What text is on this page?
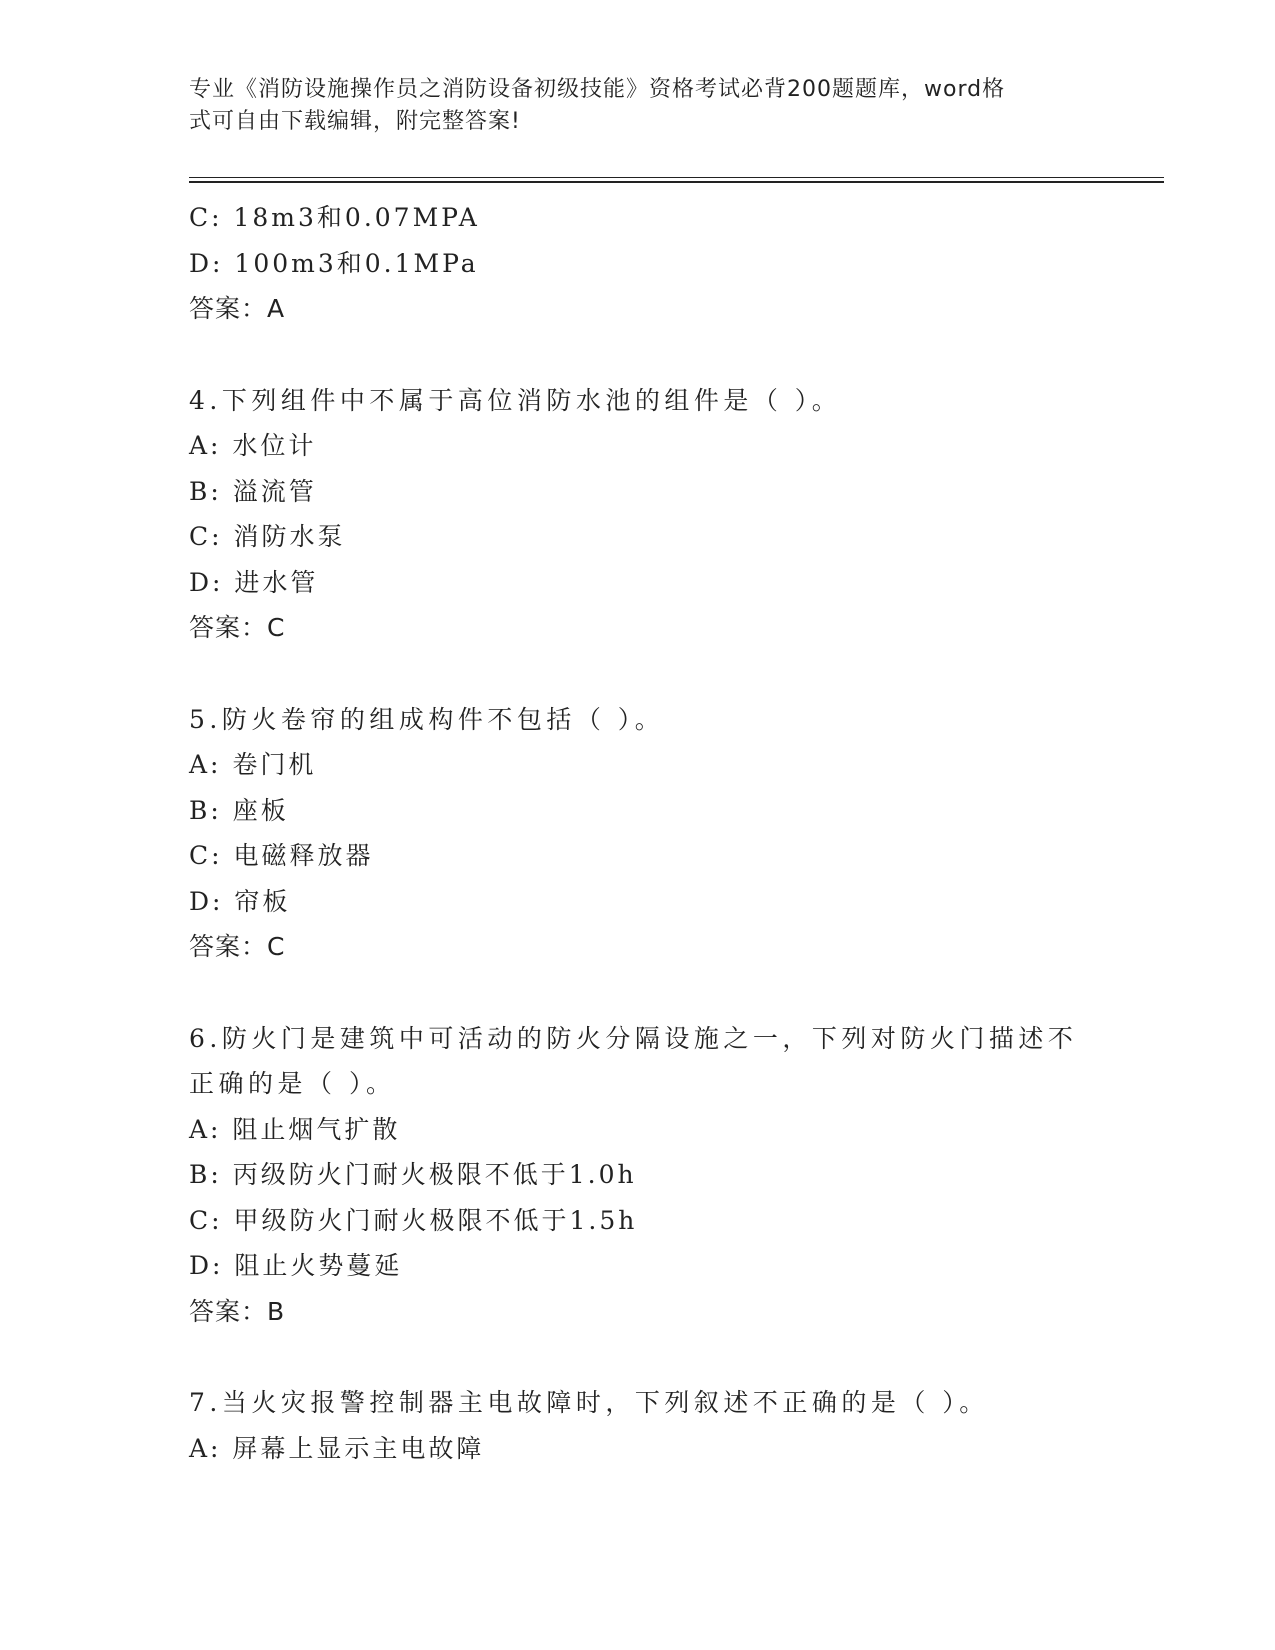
专业《消防设施操作员之消防设备初级技能》资格考试必背200题题库，word格
式可自由下载编辑，附完整答案!
C: 18m3和0.07MPA
D: 100m3和0.1MPa
答案：A
4.下列组件中不属于高位消防水池的组件是（ ）。
A: 水位计
B: 溢流管
C: 消防水泵
D: 进水管
答案：C
5.防火卷帘的组成构件不包括（ ）。
A: 卷门机
B: 座板
C: 电磁释放器
D: 帘板
答案：C
6.防火门是建筑中可活动的防火分隔设施之一，下列对防火门描述不
正确的是（ ）。
A: 阻止烟气扩散
B: 丙级防火门耐火极限不低于1.0h
C: 甲级防火门耐火极限不低于1.5h
D: 阻止火势蔓延
答案：B
7.当火灾报警控制器主电故障时，下列叙述不正确的是（ ）。
A: 屏幕上显示主电故障
